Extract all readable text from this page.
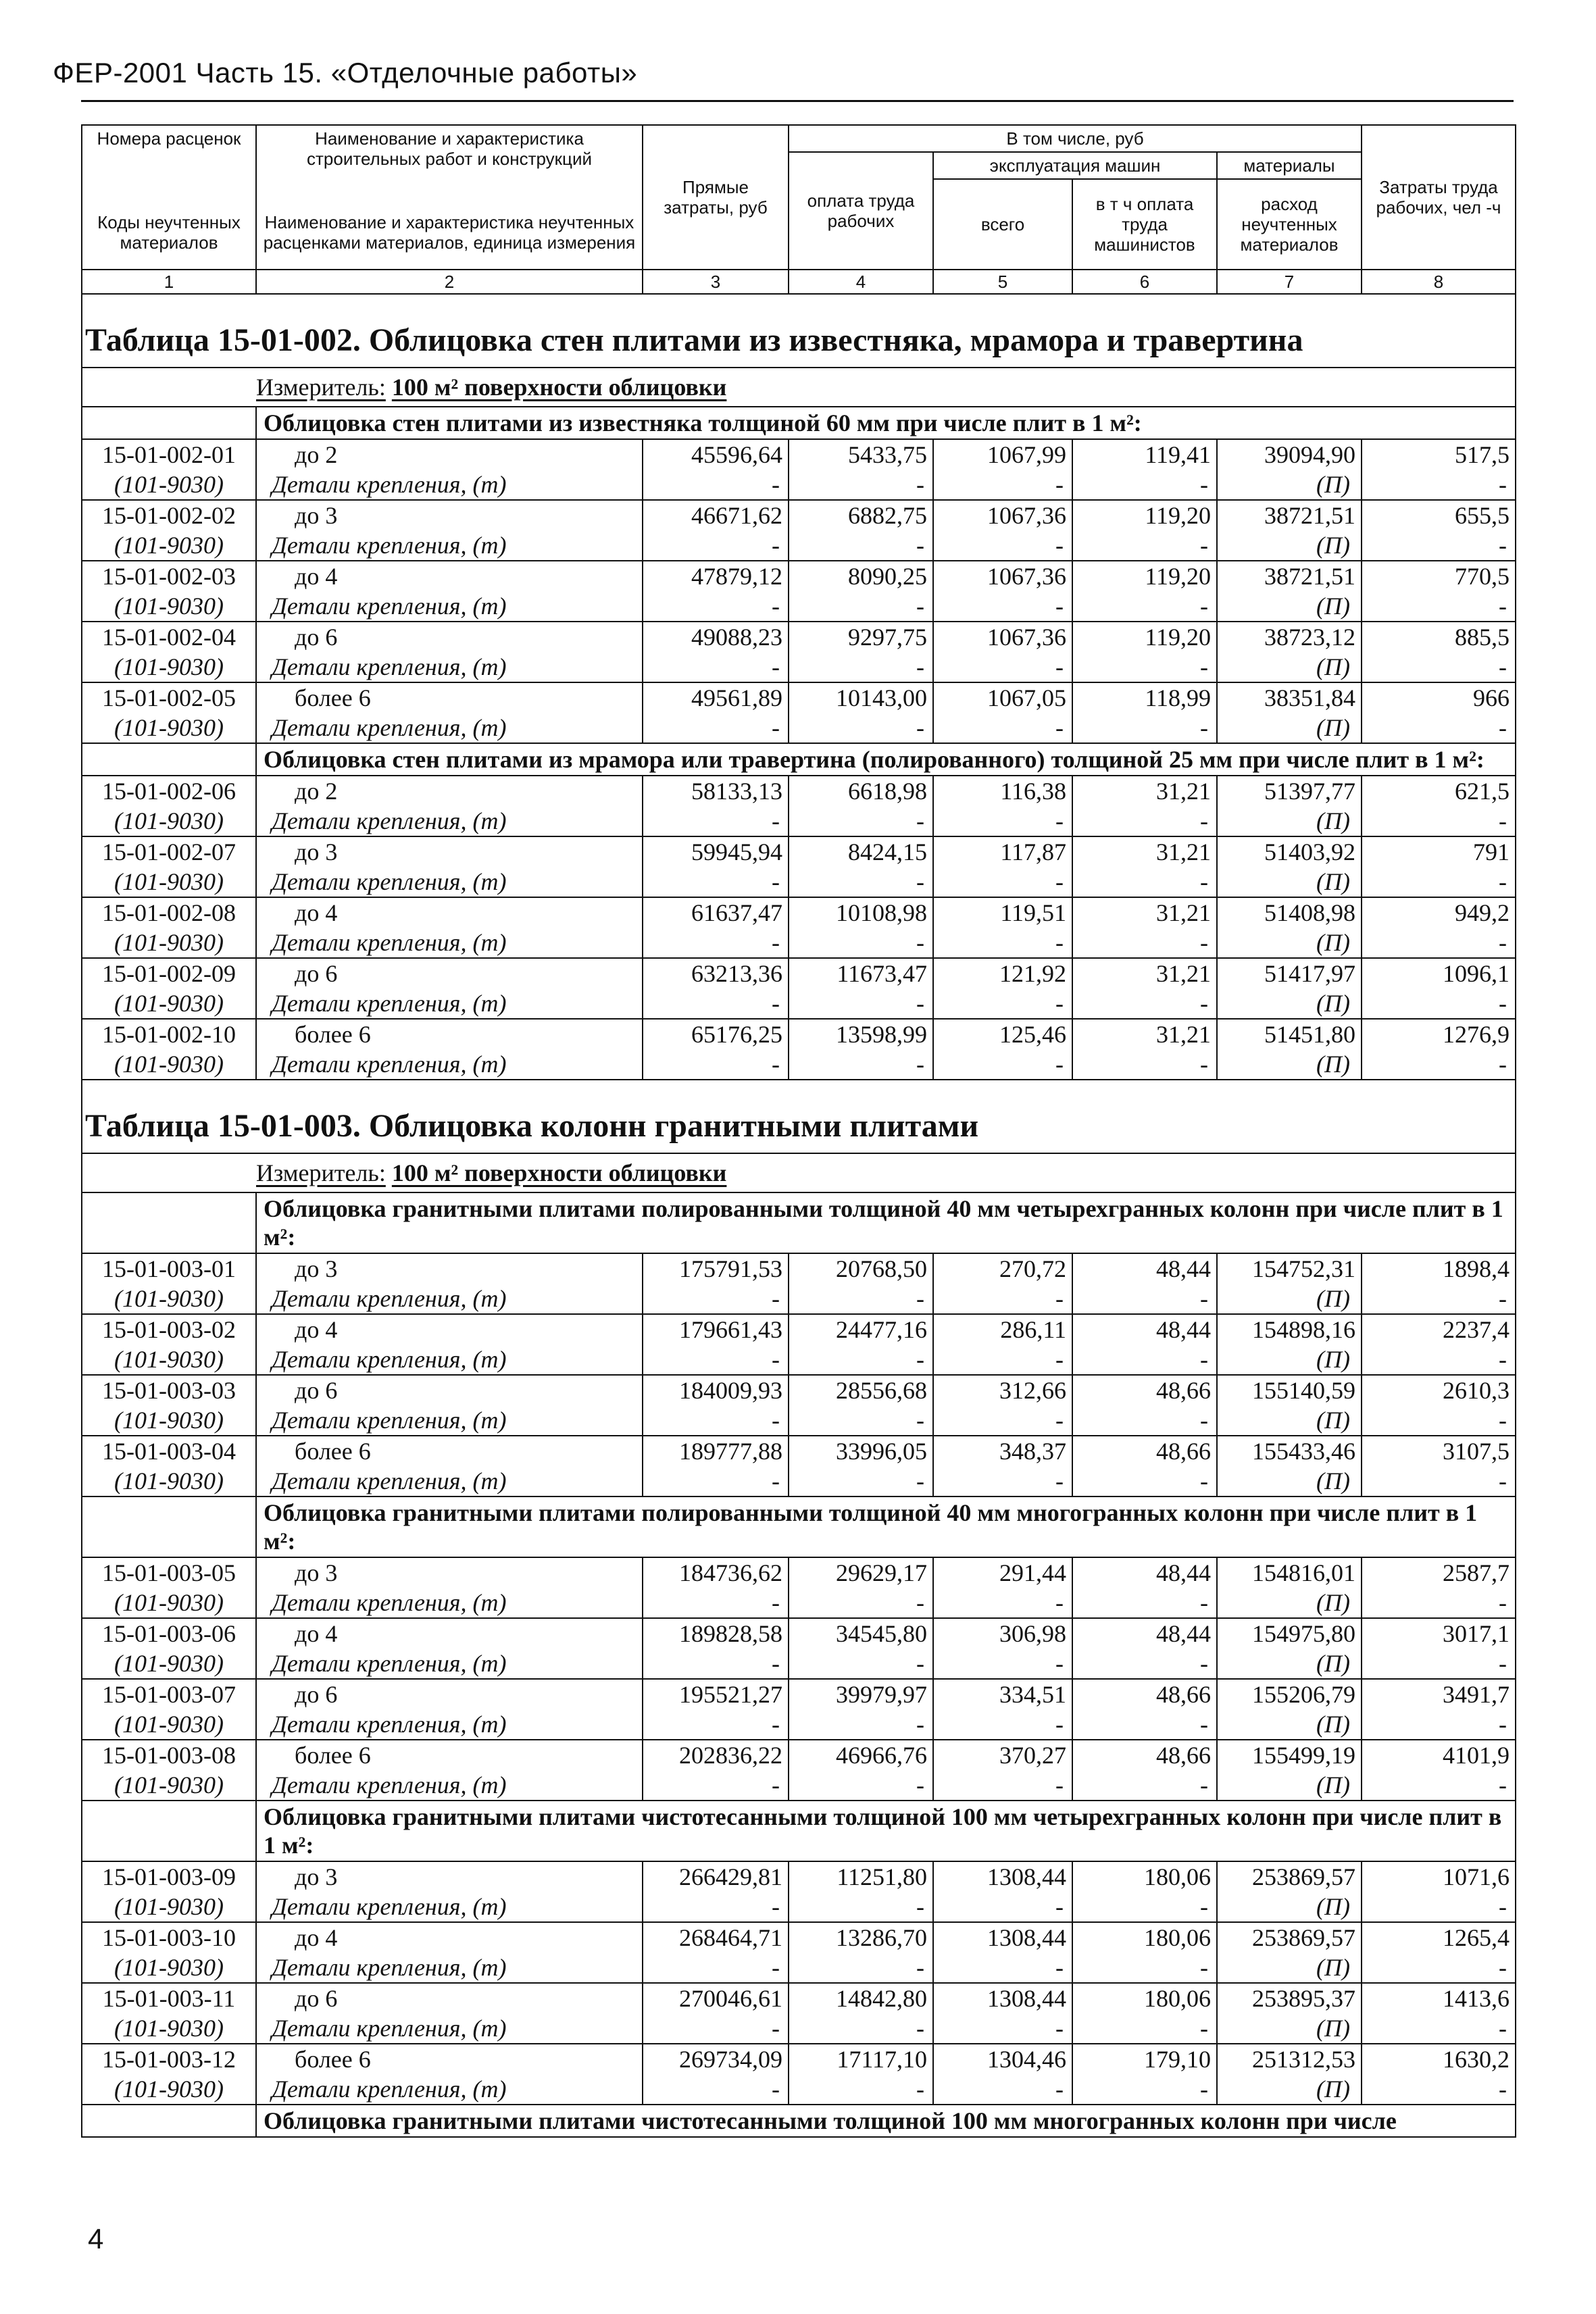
ФЕР-2001 Часть 15. «Отделочные работы»
Номера расценок	Наименование и характеристика строительных работ и конструкций	Прямые затраты, руб	В том числе, руб				Затраты труда рабочих, чел -ч
			оплата труда рабочих	эксплуатация машин		материалы	
				всего	в т ч оплата труда машинистов	расход неучтенных материалов	
Коды неучтенных материалов	Наименование и характеристика неучтенных расценками материалов, единица измерения						
1	2	3	4	5	6	7	8
Таблица 15-01-002. Облицовка стен плитами из известняка, мрамора и травертина							
	Измеритель: 100 м² поверхности облицовки						
	Облицовка стен плитами из известняка толщиной 60 мм при числе плит в 1 м²:						
15-01-002-01	до 2	45596,64	5433,75	1067,99	119,41	39094,90	517,5
(101-9030)	Детали крепления, (т)	-	-	-	-	(П)	-
15-01-002-02	до 3	46671,62	6882,75	1067,36	119,20	38721,51	655,5
(101-9030)	Детали крепления, (т)	-	-	-	-	(П)	-
15-01-002-03	до 4	47879,12	8090,25	1067,36	119,20	38721,51	770,5
(101-9030)	Детали крепления, (т)	-	-	-	-	(П)	-
15-01-002-04	до 6	49088,23	9297,75	1067,36	119,20	38723,12	885,5
(101-9030)	Детали крепления, (т)	-	-	-	-	(П)	-
15-01-002-05	более 6	49561,89	10143,00	1067,05	118,99	38351,84	966
(101-9030)	Детали крепления, (т)	-	-	-	-	(П)	-
	Облицовка стен плитами из мрамора или травертина (полированного) толщиной 25 мм при числе плит в 1 м²:						
15-01-002-06	до 2	58133,13	6618,98	116,38	31,21	51397,77	621,5
(101-9030)	Детали крепления, (т)	-	-	-	-	(П)	-
15-01-002-07	до 3	59945,94	8424,15	117,87	31,21	51403,92	791
(101-9030)	Детали крепления, (т)	-	-	-	-	(П)	-
15-01-002-08	до 4	61637,47	10108,98	119,51	31,21	51408,98	949,2
(101-9030)	Детали крепления, (т)	-	-	-	-	(П)	-
15-01-002-09	до 6	63213,36	11673,47	121,92	31,21	51417,97	1096,1
(101-9030)	Детали крепления, (т)	-	-	-	-	(П)	-
15-01-002-10	более 6	65176,25	13598,99	125,46	31,21	51451,80	1276,9
(101-9030)	Детали крепления, (т)	-	-	-	-	(П)	-
Таблица 15-01-003. Облицовка колонн гранитными плитами							
	Измеритель: 100 м² поверхности облицовки						
	Облицовка гранитными плитами полированными толщиной 40 мм четырехгранных колонн при числе плит в 1 м²:						
15-01-003-01	до 3	175791,53	20768,50	270,72	48,44	154752,31	1898,4
(101-9030)	Детали крепления, (т)	-	-	-	-	(П)	-
15-01-003-02	до 4	179661,43	24477,16	286,11	48,44	154898,16	2237,4
(101-9030)	Детали крепления, (т)	-	-	-	-	(П)	-
15-01-003-03	до 6	184009,93	28556,68	312,66	48,66	155140,59	2610,3
(101-9030)	Детали крепления, (т)	-	-	-	-	(П)	-
15-01-003-04	более 6	189777,88	33996,05	348,37	48,66	155433,46	3107,5
(101-9030)	Детали крепления, (т)	-	-	-	-	(П)	-
	Облицовка гранитными плитами полированными толщиной 40 мм многогранных колонн при числе плит в 1 м²:						
15-01-003-05	до 3	184736,62	29629,17	291,44	48,44	154816,01	2587,7
(101-9030)	Детали крепления, (т)	-	-	-	-	(П)	-
15-01-003-06	до 4	189828,58	34545,80	306,98	48,44	154975,80	3017,1
(101-9030)	Детали крепления, (т)	-	-	-	-	(П)	-
15-01-003-07	до 6	195521,27	39979,97	334,51	48,66	155206,79	3491,7
(101-9030)	Детали крепления, (т)	-	-	-	-	(П)	-
15-01-003-08	более 6	202836,22	46966,76	370,27	48,66	155499,19	4101,9
(101-9030)	Детали крепления, (т)	-	-	-	-	(П)	-
	Облицовка гранитными плитами чистотесанными толщиной 100 мм четырехгранных колонн при числе плит в 1 м²:						
15-01-003-09	до 3	266429,81	11251,80	1308,44	180,06	253869,57	1071,6
(101-9030)	Детали крепления, (т)	-	-	-	-	(П)	-
15-01-003-10	до 4	268464,71	13286,70	1308,44	180,06	253869,57	1265,4
(101-9030)	Детали крепления, (т)	-	-	-	-	(П)	-
15-01-003-11	до 6	270046,61	14842,80	1308,44	180,06	253895,37	1413,6
(101-9030)	Детали крепления, (т)	-	-	-	-	(П)	-
15-01-003-12	более 6	269734,09	17117,10	1304,46	179,10	251312,53	1630,2
(101-9030)	Детали крепления, (т)	-	-	-	-	(П)	-
	Облицовка гранитными плитами чистотесанными толщиной 100 мм многогранных колонн при числе						
4
